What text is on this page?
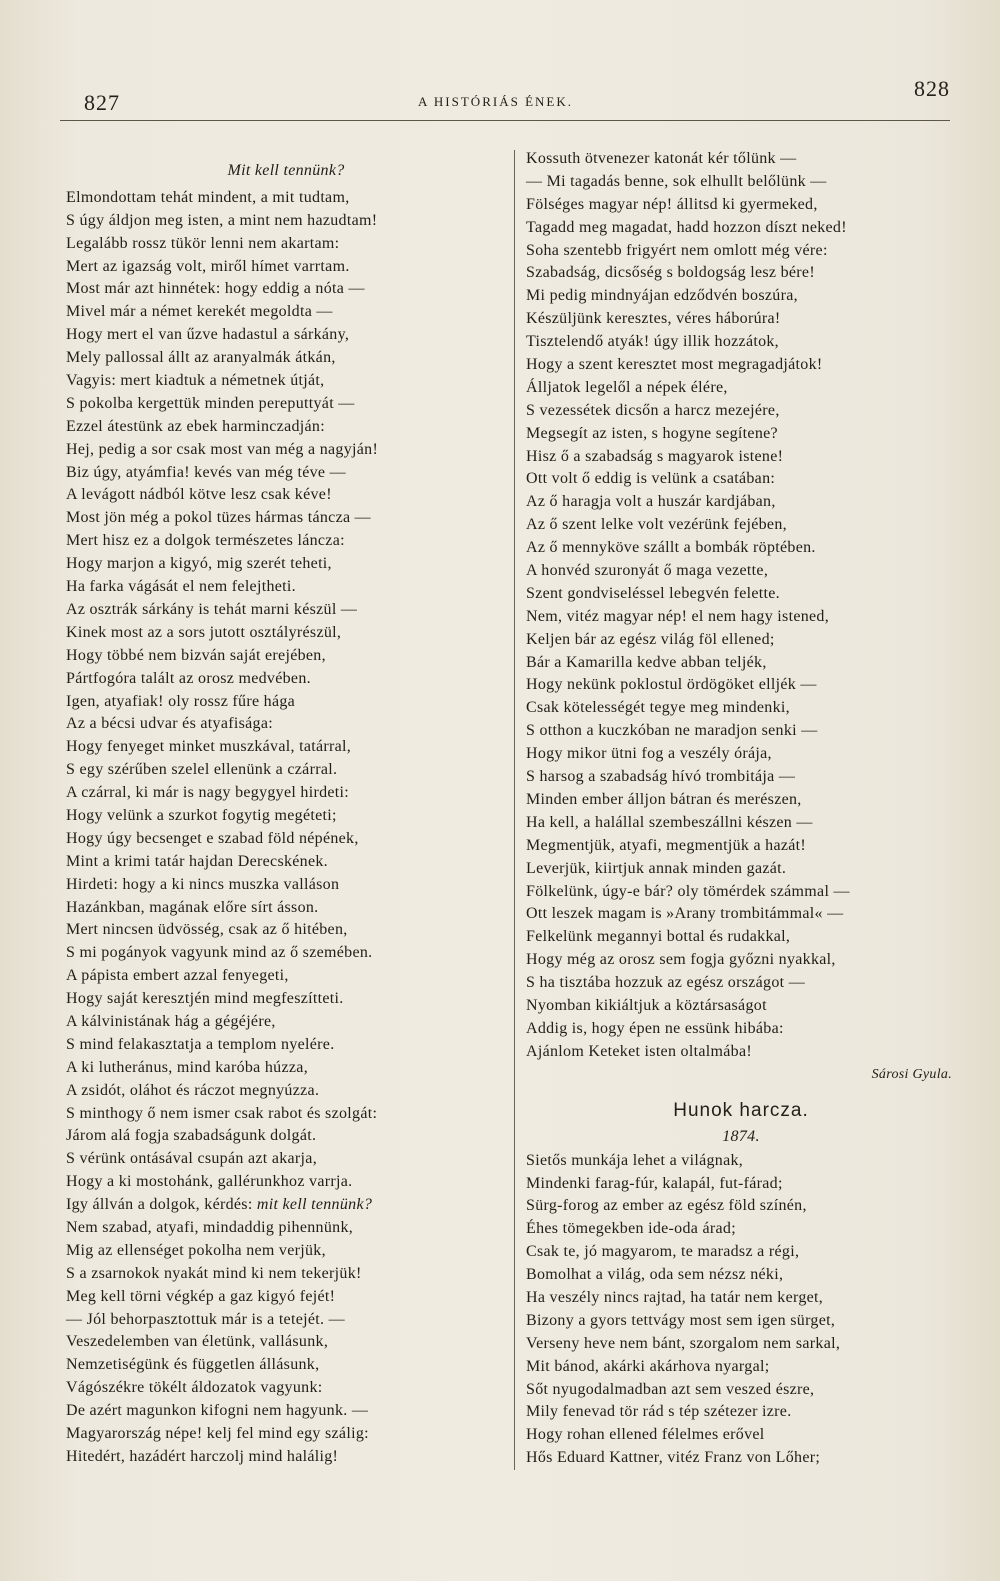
827	A HISTÓRIÁS ÉNEK.
828
Mit kell tennünk?
Elmondottam tehát mindent, a mit tudtam,
S úgy áldjon meg isten, a mint nem hazudtam!
Legalább rossz tükör lenni nem akartam:
Mert az igazság volt, miről hímet varrtam.
Most már azt hinnétek: hogy eddig a nóta —
Mivel már a német kerekét megoldta —
Hogy mert el van űzve hadastul a sárkány,
Mely pallossal állt az aranyalmák átkán,
Vagyis: mert kiadtuk a németnek útját,
S pokolba kergettük minden pereputtyát —
Ezzel átestünk az ebek harminczadján:
Hej, pedig a sor csak most van még a nagyján!
Biz úgy, atyámfia! kevés van még téve —
A levágott nádból kötve lesz csak kéve!
Most jön még a pokol tüzes hármas táncza —
Mert hisz ez a dolgok természetes láncza:
Hogy marjon a kigyó, mig szerét teheti,
Ha farka vágását el nem felejtheti.
Az osztrák sárkány is tehát marni készül —
Kinek most az a sors jutott osztályrészül,
Hogy többé nem bizván saját erejében,
Pártfogóra talált az orosz medvében.
Igen, atyafiak! oly rossz fűre hága
Az a bécsi udvar és atyafisága:
Hogy fenyeget minket muszkával, tatárral,
S egy szérűben szelel ellenünk a czárral.
A czárral, ki már is nagy begygyel hirdeti:
Hogy velünk a szurkot fogytig megéteti;
Hogy úgy becsenget e szabad föld népének,
Mint a krimi tatár hajdan Derecskének.
Hirdeti: hogy a ki nincs muszka valláson
Hazánkban, magának előre sírt ásson.
Mert nincsen üdvösség, csak az ő hitében,
S mi pogányok vagyunk mind az ő szemében.
A pápista embert azzal fenyegeti,
Hogy saját keresztjén mind megfeszítteti.
A kálvinistának hág a gégéjére,
S mind felakasztatja a templom nyelére.
A ki lutheránus, mind karóba húzza,
A zsidót, oláhot és ráczot megnyúzza.
S minthogy ő nem ismer csak rabot és szolgát:
Járom alá fogja szabadságunk dolgát.
S vérünk ontásával csupán azt akarja,
Hogy a ki mostohánk, gallérunkhoz varrja.
Igy állván a dolgok, kérdés: mit kell tennünk?
Nem szabad, atyafi, mindaddig pihennünk,
Mig az ellenséget pokolha nem verjük,
S a zsarnokok nyakát mind ki nem tekerjük!
Meg kell törni végkép a gaz kigyó fejét!
— Jól behorpasztottuk már is a tetejét. —
Veszedelemben van életünk, vallásunk,
Nemzetiségünk és független állásunk,
Vágószékre tökélt áldozatok vagyunk:
De azért magunkon kifogni nem hagyunk. —
Magyarország népe! kelj fel mind egy szálig:
Hitedért, hazádért harczolj mind halálig!
Kossuth ötvenezer katonát kér tőlünk —
— Mi tagadás benne, sok elhullt belőlünk —
Fölséges magyar nép! állitsd ki gyermeked,
Tagadd meg magadat, hadd hozzon díszt neked!
Soha szentebb frigyért nem omlott még vére:
Szabadság, dicsőség s boldogság lesz bére!
Mi pedig mindnyájan edződvén boszúra,
Készüljünk keresztes, véres háborúra!
Tisztelendő atyák! úgy illik hozzátok,
Hogy a szent keresztet most megragadjátok!
Álljatok legelől a népek élére,
S vezessétek dicsőn a harcz mezejére,
Megsegít az isten, s hogyne segítene?
Hisz ő a szabadság s magyarok istene!
Ott volt ő eddig is velünk a csatában:
Az ő haragja volt a huszár kardjában,
Az ő szent lelke volt vezérünk fejében,
Az ő mennyköve szállt a bombák röptében.
A honvéd szuronyát ő maga vezette,
Szent gondviseléssel lebegvén felette.
Nem, vitéz magyar nép! el nem hagy istened,
Keljen bár az egész világ föl ellened;
Bár a Kamarilla kedve abban teljék,
Hogy nekünk poklostul ördögöket elljék —
Csak kötelességét tegye meg mindenki,
S otthon a kuczkóban ne maradjon senki —
Hogy mikor ütni fog a veszély órája,
S harsog a szabadság hívó trombitája —
Minden ember álljon bátran és merészen,
Ha kell, a halállal szembeszállni készen —
Megmentjük, atyafi, megmentjük a hazát!
Leverjük, kiirtjuk annak minden gazát.
Fölkelünk, úgy-e bár? oly tömérdek számmal —
Ott leszek magam is »Arany trombitámmal« —
Felkelünk megannyi bottal és rudakkal,
Hogy még az orosz sem fogja győzni nyakkal,
S ha tisztába hozzuk az egész országot —
Nyomban kikiáltjuk a köztársaságot
Addig is, hogy épen ne essünk hibába:
Ajánlom Keteket isten oltalmába!
Sárosi Gyula.
Hunok harcza.
1874.
Sietős munkája lehet a világnak,
Mindenki farag-fúr, kalapál, fut-fárad;
Sürg-forog az ember az egész föld színén,
Éhes tömegekben ide-oda árad;
Csak te, jó magyarom, te maradsz a régi,
Bomolhat a világ, oda sem nézsz néki,
Ha veszély nincs rajtad, ha tatár nem kerget,
Bizony a gyors tettvágy most sem igen sürget,
Verseny heve nem bánt, szorgalom nem sarkal,
Mit bánod, akárki akárhova nyargal;
Sőt nyugodalmadban azt sem veszed észre,
Mily fenevad tör rád s tép szétezer izre.
Hogy rohan ellened félelmes erővel
Hős Eduard Kattner, vitéz Franz von Lőher;
